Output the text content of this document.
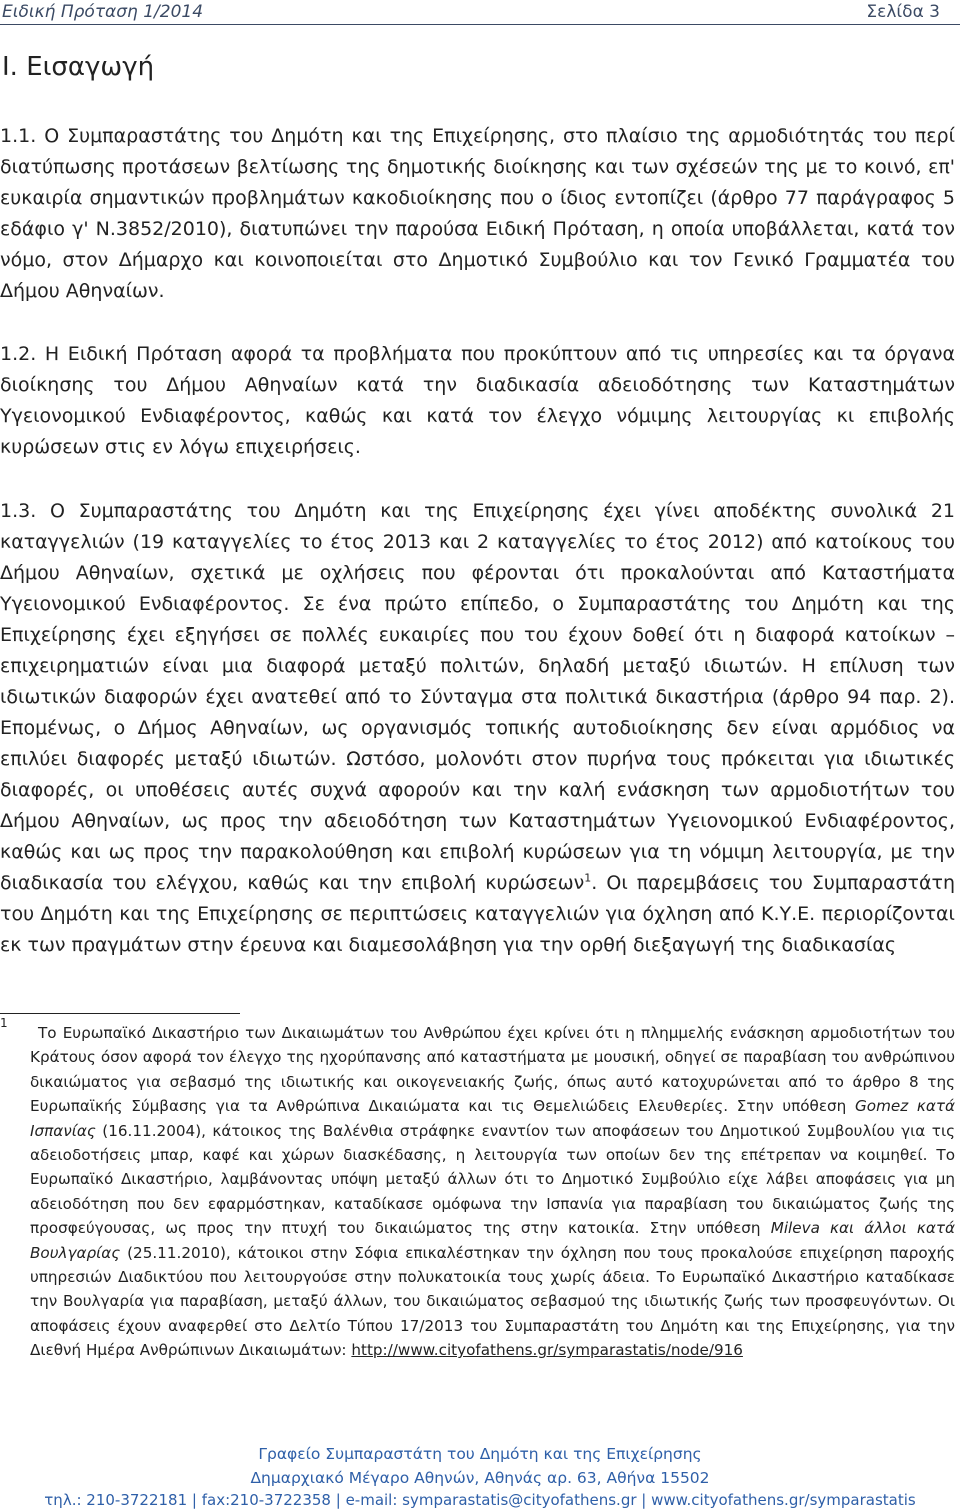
Ειδική Πρόταση 1/2014	Σελίδα 3
Ι. Εισαγωγή
1.1. Ο Συμπαραστάτης του Δημότη και της Επιχείρησης, στο πλαίσιο της αρμοδιότητάς του περί διατύπωσης προτάσεων βελτίωσης της δημοτικής διοίκησης και των σχέσεών της με το κοινό, επ' ευκαιρία σημαντικών προβλημάτων κακοδιοίκησης που ο ίδιος εντοπίζει (άρθρο 77 παράγραφος 5 εδάφιο γ' Ν.3852/2010), διατυπώνει την παρούσα Ειδική Πρόταση, η οποία υποβάλλεται, κατά τον νόμο, στον Δήμαρχο και κοινοποιείται στο Δημοτικό Συμβούλιο και τον Γενικό Γραμματέα του Δήμου Αθηναίων.
1.2. Η Ειδική Πρόταση αφορά τα προβλήματα που προκύπτουν από τις υπηρεσίες και τα όργανα διοίκησης του Δήμου Αθηναίων κατά την διαδικασία αδειοδότησης των Καταστημάτων Υγειονομικού Ενδιαφέροντος, καθώς και κατά τον έλεγχο νόμιμης λειτουργίας κι επιβολής κυρώσεων στις εν λόγω επιχειρήσεις.
1.3. Ο Συμπαραστάτης του Δημότη και της Επιχείρησης έχει γίνει αποδέκτης συνολικά 21 καταγγελιών (19 καταγγελίες το έτος 2013 και 2 καταγγελίες το έτος 2012) από κατοίκους του Δήμου Αθηναίων, σχετικά με οχλήσεις που φέρονται ότι προκαλούνται από Καταστήματα Υγειονομικού Ενδιαφέροντος. Σε ένα πρώτο επίπεδο, ο Συμπαραστάτης του Δημότη και της Επιχείρησης έχει εξηγήσει σε πολλές ευκαιρίες που του έχουν δοθεί ότι η διαφορά κατοίκων – επιχειρηματιών είναι μια διαφορά μεταξύ πολιτών, δηλαδή μεταξύ ιδιωτών. Η επίλυση των ιδιωτικών διαφορών έχει ανατεθεί από το Σύνταγμα στα πολιτικά δικαστήρια (άρθρο 94 παρ. 2). Επομένως, ο Δήμος Αθηναίων, ως οργανισμός τοπικής αυτοδιοίκησης δεν είναι αρμόδιος να επιλύει διαφορές μεταξύ ιδιωτών. Ωστόσο, μολονότι στον πυρήνα τους πρόκειται για ιδιωτικές διαφορές, οι υποθέσεις αυτές συχνά αφορούν και την καλή ενάσκηση των αρμοδιοτήτων του Δήμου Αθηναίων, ως προς την αδειοδότηση των Καταστημάτων Υγειονομικού Ενδιαφέροντος, καθώς και ως προς την παρακολούθηση και επιβολή κυρώσεων για τη νόμιμη λειτουργία, με την διαδικασία του ελέγχου, καθώς και την επιβολή κυρώσεων$^1$. Οι παρεμβάσεις του Συμπαραστάτη του Δημότη και της Επιχείρησης σε περιπτώσεις καταγγελιών για όχληση από Κ.Υ.Ε. περιορίζονται εκ των πραγμάτων στην έρευνα και διαμεσολάβηση για την ορθή διεξαγωγή της διαδικασίας
1
Το Ευρωπαϊκό Δικαστήριο των Δικαιωμάτων του Ανθρώπου έχει κρίνει ότι η πλημμελής ενάσκηση αρμοδιοτήτων του Κράτους όσον αφορά τον έλεγχο της ηχορύπανσης από καταστήματα με μουσική, οδηγεί σε παραβίαση του ανθρώπινου δικαιώματος για σεβασμό της ιδιωτικής και οικογενειακής ζωής, όπως αυτό κατοχυρώνεται από το άρθρο 8 της Ευρωπαϊκής Σύμβασης για τα Ανθρώπινα Δικαιώματα και τις Θεμελιώδεις Ελευθερίες. Στην υπόθεση Gomez κατά Ισπανίας (16.11.2004), κάτοικος της Βαλένθια στράφηκε εναντίον των αποφάσεων του Δημοτικού Συμβουλίου για τις αδειοδοτήσεις μπαρ, καφέ και χώρων διασκέδασης, η λειτουργία των οποίων δεν της επέτρεπαν να κοιμηθεί. Το Ευρωπαϊκό Δικαστήριο, λαμβάνοντας υπόψη μεταξύ άλλων ότι το Δημοτικό Συμβούλιο είχε λάβει αποφάσεις για μη αδειοδότηση που δεν εφαρμόστηκαν, καταδίκασε ομόφωνα την Ισπανία για παραβίαση του δικαιώματος ζωής της προσφεύγουσας, ως προς την πτυχή του δικαιώματος της στην κατοικία. Στην υπόθεση Mileva και άλλοι κατά Βουλγαρίας (25.11.2010), κάτοικοι στην Σόφια επικαλέστηκαν την όχληση που τους προκαλούσε επιχείρηση παροχής υπηρεσιών Διαδικτύου που λειτουργούσε στην πολυκατοικία τους χωρίς άδεια. Το Ευρωπαϊκό Δικαστήριο καταδίκασε την Βουλγαρία για παραβίαση, μεταξύ άλλων, του δικαιώματος σεβασμού της ιδιωτικής ζωής των προσφευγόντων. Οι αποφάσεις έχουν αναφερθεί στο Δελτίο Τύπου 17/2013 του Συμπαραστάτη του Δημότη και της Επιχείρησης, για την Διεθνή Ημέρα Ανθρώπινων Δικαιωμάτων: http://www.cityofathens.gr/symparastatis/node/916
Γραφείο Συμπαραστάτη του Δημότη και της Επιχείρησης
Δημαρχιακό Μέγαρο Αθηνών, Αθηνάς αρ. 63, Αθήνα 15502
τηλ.: 210-3722181 | fax:210-3722358 | e-mail: symparastatis@cityofathens.gr | www.cityofathens.gr/symparastatis
